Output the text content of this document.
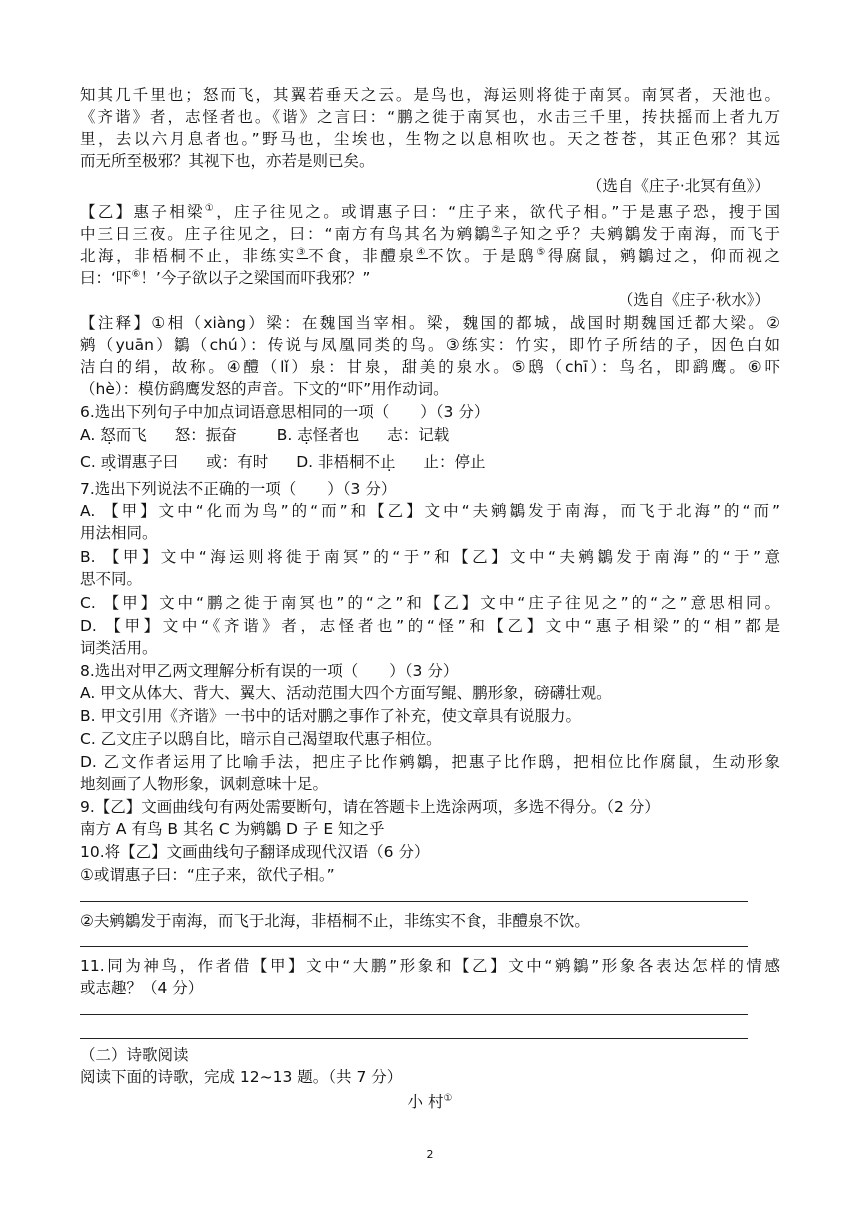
知其几千里也；怒而飞，其翼若垂天之云。是鸟也，海运则将徙于南冥。南冥者，天池也。
《齐谐》者，志怪者也。《谐》之言曰：“鹏之徙于南冥也，水击三千里，抟扶摇而上者九万
里，去以六月息者也。”野马也，尘埃也，生物之以息相吹也。天之苍苍，其正色邪？其远
而无所至极邪？其视下也，亦若是则已矣。
（选自《庄子·北冥有鱼》）
【乙】惠子相梁①，庄子往见之。或谓惠子曰：“庄子来，欲代子相。”于是惠子恐，搜于国
中三日三夜。庄子往见之，曰：“南方有鸟其名为鹓鶵②子知之乎？夫鹓鶵发于南海，而飞于
北海，非梧桐不止，非练实③不食，非醴泉④不饮。于是鸱⑤得腐鼠，鹓鶵过之，仰而视之
曰：‘吓⑥！’今子欲以子之梁国而吓我邪？”
（选自《庄子·秋水》）
【注释】①相（xiàng）梁：在魏国当宰相。梁，魏国的都城，战国时期魏国迁都大梁。②
鹓（yuān）鶵（chú）：传说与凤凰同类的鸟。③练实：竹实，即竹子所结的子，因色白如
洁白的绢，故称。④醴（lǐ）泉：甘泉，甜美的泉水。⑤鸱（chī）：鸟名，即鹞鹰。⑥吓
（hè）：模仿鹞鹰发怒的声音。下文的“吓”用作动词。
6.选出下列句子中加点词语意思相同的一项（　　）（3 分）
A. 怒而飞 怒：振奋	B. 志怪者也 志：记载
C. 或谓惠子曰 或：有时 D. 非梧桐不止 止：停止
7.选出下列说法不正确的一项（　　）（3 分）
A. 【甲】文中“化而为鸟”的“而”和【乙】文中“夫鹓鶵发于南海，而飞于北海”的“而”
用法相同。
B. 【甲】文中“海运则将徙于南冥”的“于”和【乙】文中“夫鹓鶵发于南海”的“于”意
思不同。
C. 【甲】文中“鹏之徙于南冥也”的“之”和【乙】文中“庄子往见之”的“之”意思相同。
D. 【甲】文中“《齐谐》者，志怪者也”的“怪”和【乙】文中“惠子相梁”的“相”都是
词类活用。
8.选出对甲乙两文理解分析有误的一项（　　）（3 分）
A. 甲文从体大、背大、翼大、活动范围大四个方面写鲲、鹏形象，磅礴壮观。
B. 甲文引用《齐谐》一书中的话对鹏之事作了补充，使文章具有说服力。
C. 乙文庄子以鸱自比，暗示自己渴望取代惠子相位。
D. 乙文作者运用了比喻手法，把庄子比作鹓鶵，把惠子比作鸱，把相位比作腐鼠，生动形象
地刻画了人物形象，讽刺意味十足。
9.【乙】文画曲线句有两处需要断句，请在答题卡上选涂两项，多选不得分。（2 分）
南方 A 有鸟 B 其名 C 为鹓鶵 D 子 E 知之乎
10.将【乙】文画曲线句子翻译成现代汉语（6 分）
①或谓惠子曰：“庄子来，欲代子相。”
②夫鹓鶵发于南海，而飞于北海，非梧桐不止，非练实不食，非醴泉不饮。
11.同为神鸟，作者借【甲】文中“大鹏”形象和【乙】文中“鹓鶵”形象各表达怎样的情感
或志趣？（4 分）
（二）诗歌阅读
阅读下面的诗歌，完成 12~13 题。（共 7 分）
小 村①
2
